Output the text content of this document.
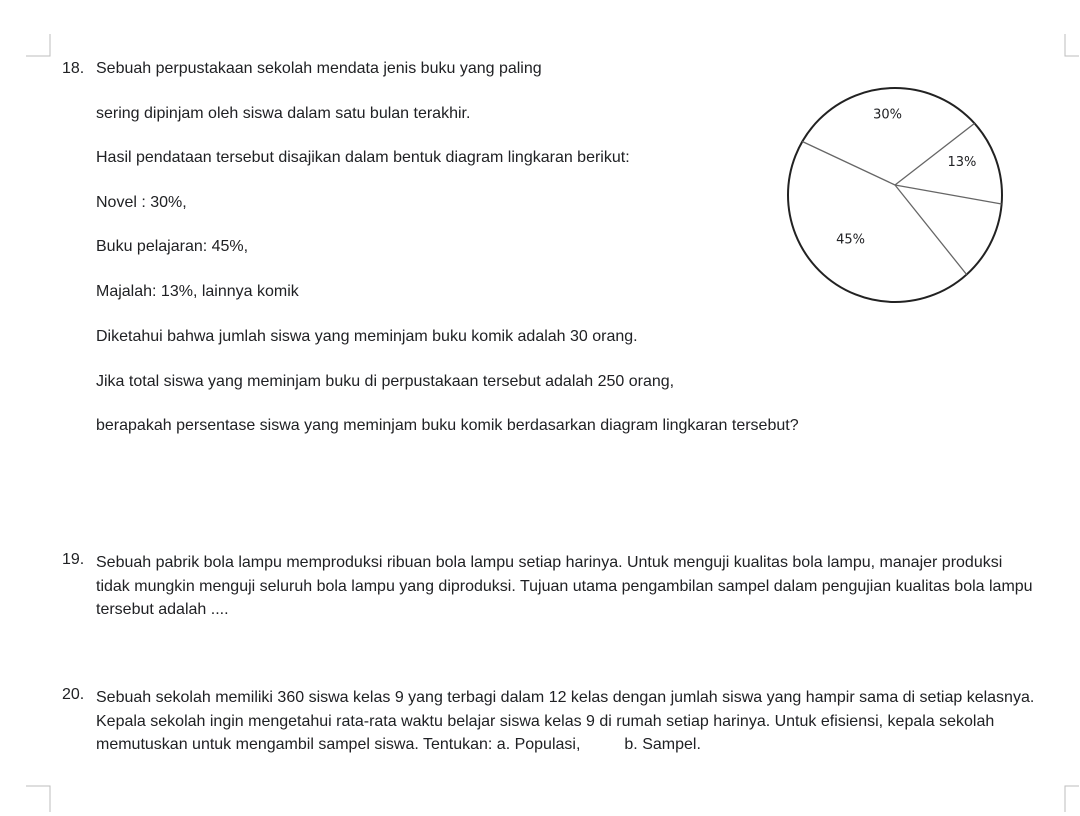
18. Sebuah perpustakaan sekolah mendata jenis buku yang paling
sering dipinjam oleh siswa dalam satu bulan terakhir.
Hasil pendataan tersebut disajikan dalam bentuk diagram lingkaran berikut:
Novel : 30%,
Buku pelajaran: 45%,
Majalah: 13%, lainnya komik
Diketahui bahwa jumlah siswa yang meminjam buku komik adalah 30 orang.
Jika total siswa yang meminjam buku di perpustakaan tersebut adalah 250 orang,
berapakah persentase siswa yang meminjam buku komik berdasarkan diagram lingkaran tersebut?
30%
13%
45%
19. Sebuah pabrik bola lampu memproduksi ribuan bola lampu setiap harinya. Untuk menguji kualitas bola lampu, manajer produksi tidak mungkin menguji seluruh bola lampu yang diproduksi. Tujuan utama pengambilan sampel dalam pengujian kualitas bola lampu tersebut adalah ....
20. Sebuah sekolah memiliki 360 siswa kelas 9 yang terbagi dalam 12 kelas dengan jumlah siswa yang hampir sama di setiap kelasnya. Kepala sekolah ingin mengetahui rata-rata waktu belajar siswa kelas 9 di rumah setiap harinya. Untuk efisiensi, kepala sekolah memutuskan untuk mengambil sampel siswa. Tentukan: a. Populasi,	b. Sampel.
